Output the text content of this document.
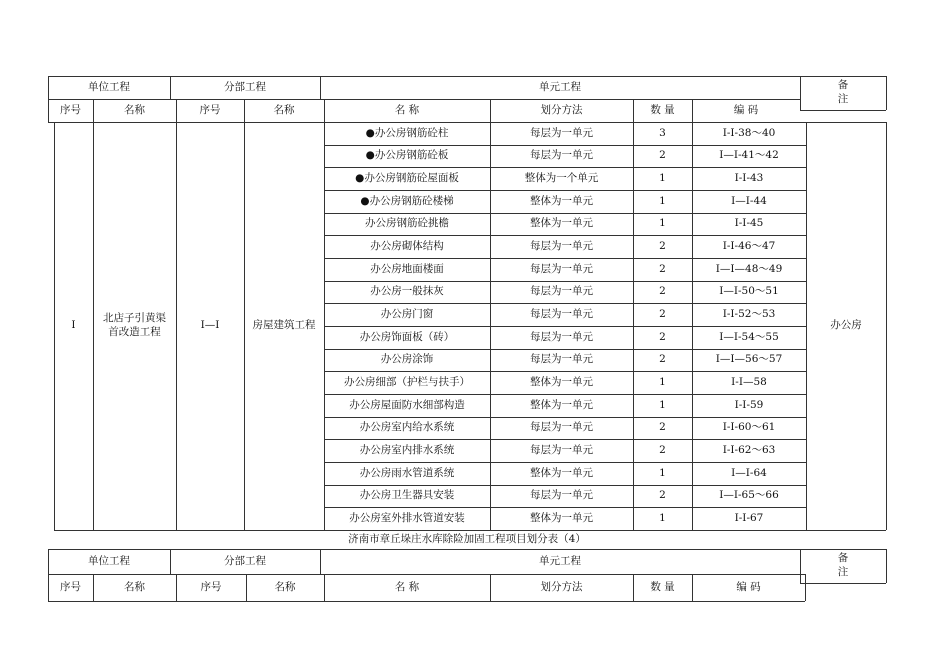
单位工程	分部工程	单元工程	备
注
序号	名称	序号	名称	名 称	划分方法	数 量	编 码
I
北店子引黄渠
首改造工程
I—I	房屋建筑工程	办公房
●办公房钢筋砼柱	每层为一单元	3	I-I-38～40
●办公房钢筋砼板	每层为一单元	2	I—I-41～42
●办公房钢筋砼屋面板	整体为一个单元	1	I-I-43
●办公房钢筋砼楼梯	整体为一单元	1	I—I-44
办公房钢筋砼挑檐	整体为一单元	1	I-I-45
办公房砌体结构	每层为一单元	2	I-I-46～47
办公房地面楼面	每层为一单元	2	I—I—48～49
办公房一般抹灰	每层为一单元	2	I—I-50～51
办公房门窗	每层为一单元	2	I-I-52～53
办公房饰面板（砖）	每层为一单元	2	I—I-54～55
办公房涂饰	每层为一单元	2	I—I—56～57
办公房细部（护栏与扶手）	整体为一单元	1	I-I—58
办公房屋面防水细部构造	整体为一单元	1	I-I-59
办公房室内给水系统	每层为一单元	2	I-I-60～61
办公房室内排水系统	每层为一单元	2	I-I-62～63
办公房雨水管道系统	整体为一单元	1	I—I-64
办公房卫生器具安装	每层为一单元	2	I—I-65～66
办公房室外排水管道安装	整体为一单元	1	I-I-67
济南市章丘垛庄水库除险加固工程项目划分表（4）
单位工程	分部工程	单元工程	备
注
序号	名称	序号	名称	名 称	划分方法	数 量	编 码
